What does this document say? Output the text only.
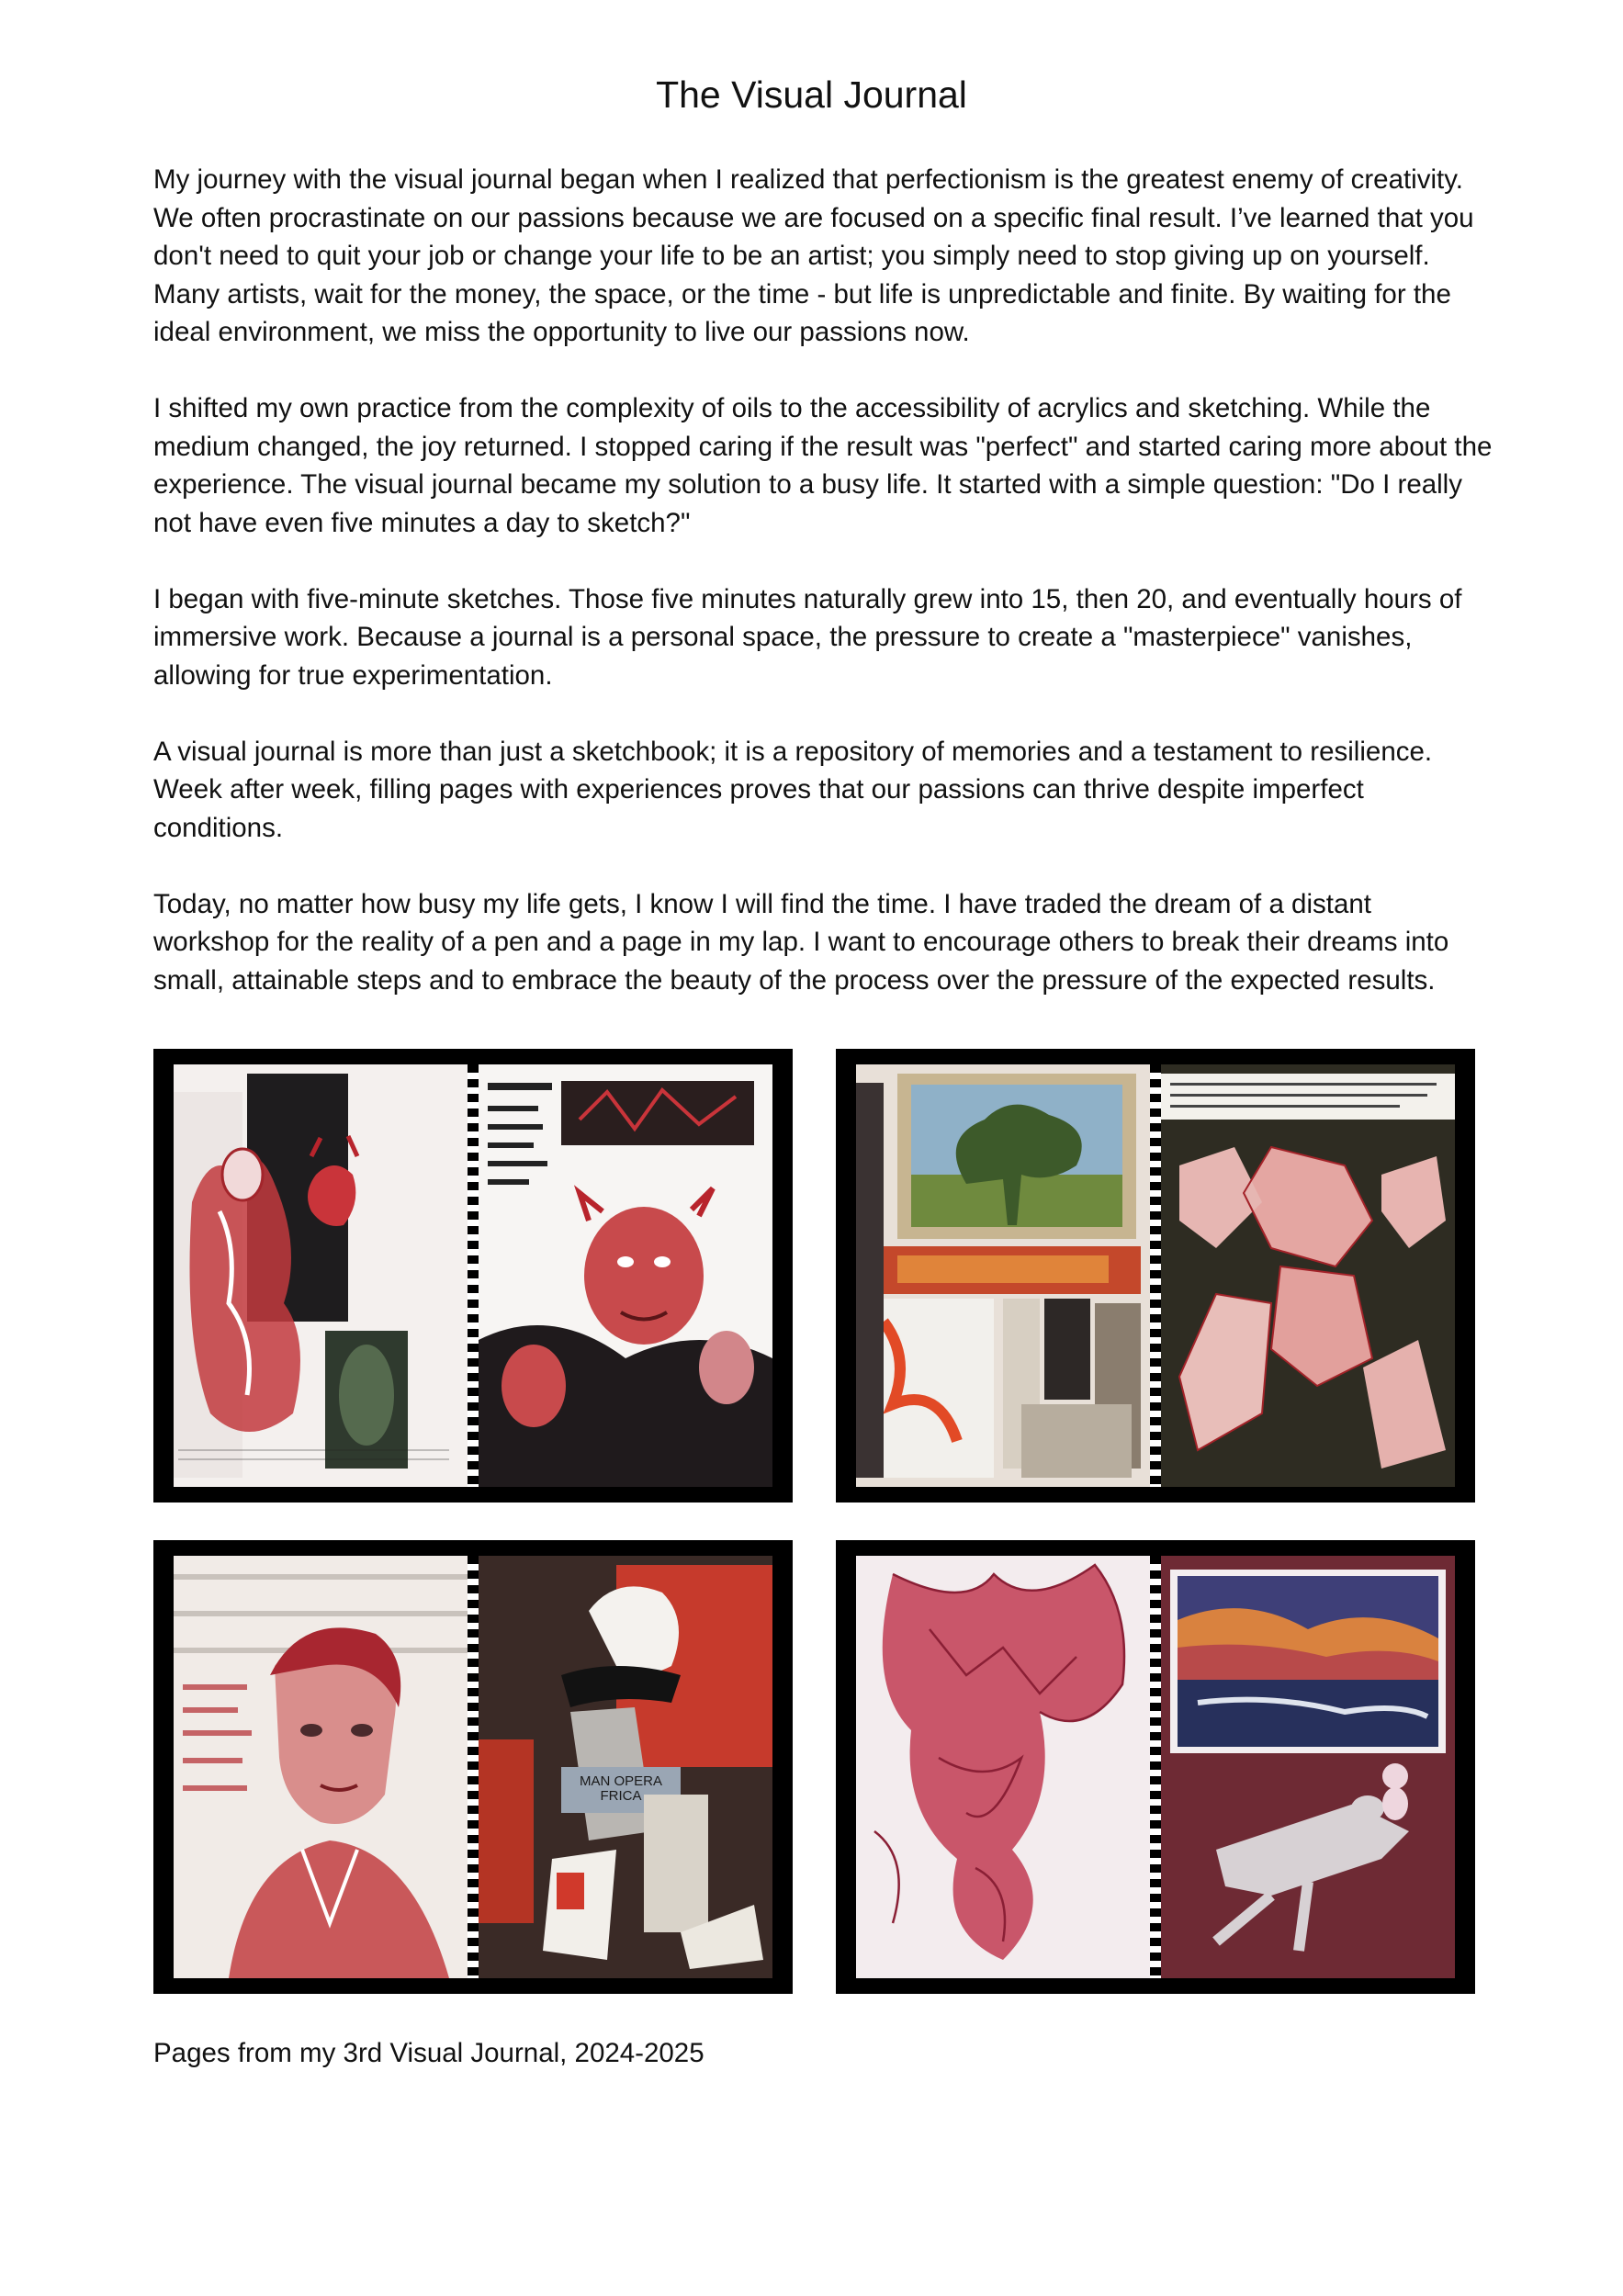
The Visual Journal

My journey with the visual journal began when I realized that perfectionism is the greatest enemy of creativity. We often procrastinate on our passions because we are focused on a specific final result. I’ve learned that you don't need to quit your job or change your life to be an artist; you simply need to stop giving up on yourself. Many artists, wait for the money, the space, or the time - but life is unpredictable and finite. By waiting for the ideal environment, we miss the opportunity to live our passions now.

I shifted my own practice from the complexity of oils to the accessibility of acrylics and sketching. While the medium changed, the joy returned. I stopped caring if the result was "perfect" and started caring more about the experience. The visual journal became my solution to a busy life. It started with a simple question: "Do I really not have even five minutes a day to sketch?"

I began with five-minute sketches. Those five minutes naturally grew into 15, then 20, and eventually hours of immersive work. Because a journal is a personal space, the pressure to create a "masterpiece" vanishes, allowing for true experimentation.

A visual journal is more than just a sketchbook; it is a repository of memories and a testament to resilience. Week after week, filling pages with experiences proves that our passions can thrive despite imperfect conditions.

Today, no matter how busy my life gets, I know I will find the time. I have traded the dream of a distant workshop for the reality of a pen and a page in my lap. I want to encourage others to break their dreams into small, attainable steps and to embrace the beauty of the process over the pressure of the expected results.

MAN OPERA FRICA
Pages from my 3rd Visual Journal, 2024-2025
